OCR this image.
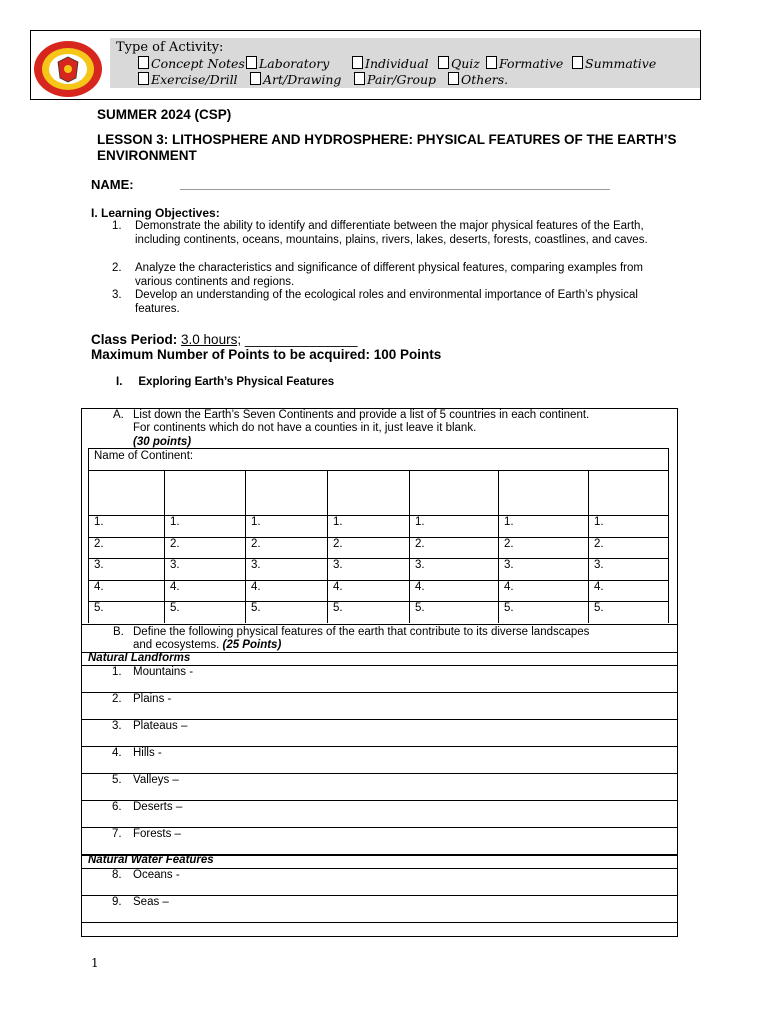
Type of Activity:
Concept Notes	Laboratory	Individual	Quiz	Formative	Summative
Exercise/Drill	Art/Drawing	Pair/Group	Others.
SUMMER 2024 (CSP)
LESSON 3: LITHOSPHERE AND HYDROSPHERE: PHYSICAL FEATURES OF THE EARTH’S ENVIRONMENT
NAME:
I. Learning Objectives:
1. Demonstrate the ability to identify and differentiate between the major physical features of the Earth, including continents, oceans, mountains, plains, rivers, lakes, deserts, forests, coastlines, and caves.
2. Analyze the characteristics and significance of different physical features, comparing examples from various continents and regions.
3. Develop an understanding of the ecological roles and environmental importance of Earth’s physical features.
Class Period: 3.0 hours; _______________
Maximum Number of Points to be acquired: 100 Points
I. Exploring Earth’s Physical Features
A. List down the Earth’s Seven Continents and provide a list of 5 countries in each continent.
For continents which do not have a counties in it, just leave it blank.
(30 points)
Name of Continent:
1.	1.	1.	1.	1.	1.	1.
2.	2.	2.	2.	2.	2.	2.
3.	3.	3.	3.	3.	3.	3.
4.	4.	4.	4.	4.	4.	4.
5.	5.	5.	5.	5.	5.	5.
B. Define the following physical features of the earth that contribute to its diverse landscapes
and ecosystems. (25 Points)
Natural Landforms
1. Mountains -
2. Plains -
3. Plateaus –
4. Hills -
5. Valleys –
6. Deserts –
7. Forests –
Natural Water Features
8. Oceans -
9. Seas –
1
